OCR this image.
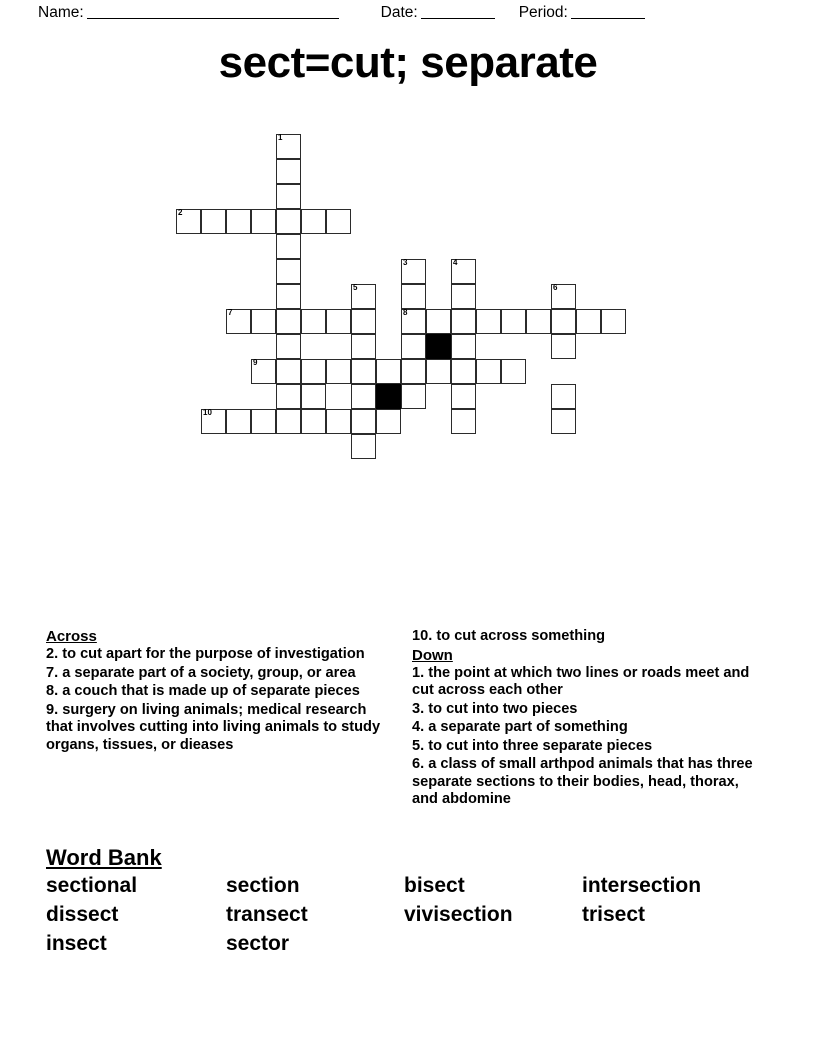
Name:	Date:	Period:
sect=cut; separate
1
2
3	4
5	6
7	8
9
10
Across
2. to cut apart for the purpose of investigation
7. a separate part of a society, group, or area
8. a couch that is made up of separate pieces
9. surgery on living animals; medical research that involves cutting into living animals to study organs, tissues, or dieases
10. to cut across something
Down
1. the point at which two lines or roads meet and cut across each other
3. to cut into two pieces
4. a separate part of something
5. to cut into three separate pieces
6. a class of small arthpod animals that has three separate sections to their bodies, head, thorax, and abdomine
Word Bank
sectional	section	bisect	intersection
dissect	transect	vivisection	trisect
insect	sector
